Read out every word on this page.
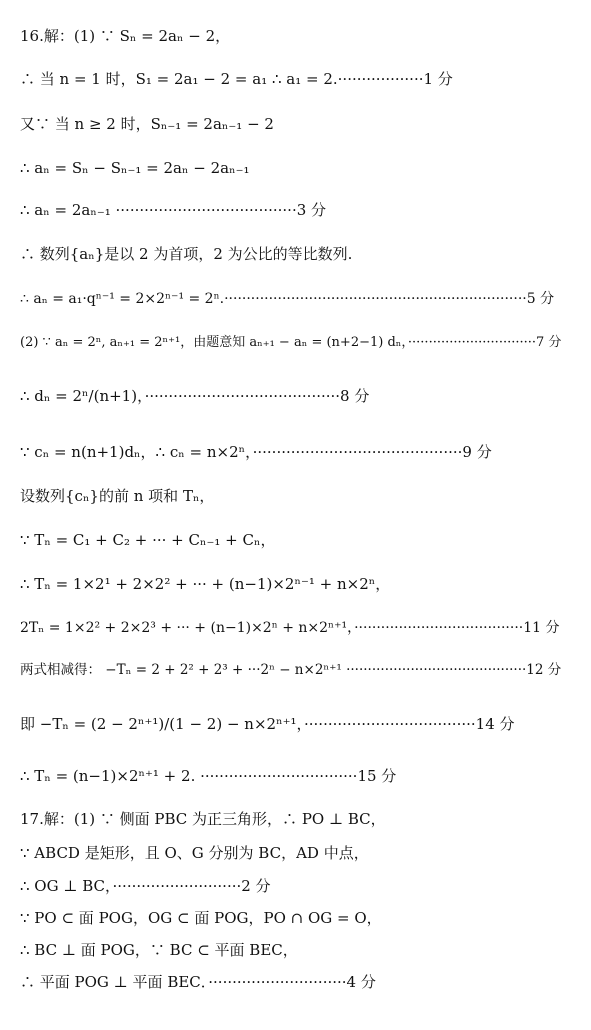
16.解：(1) ∵ Sₙ = 2aₙ − 2，
∴ 当 n = 1 时，S₁ = 2a₁ − 2 = a₁ ∴ a₁ = 2.··················1 分
又∵ 当 n ≥ 2 时，Sₙ₋₁ = 2aₙ₋₁ − 2
∴ aₙ = Sₙ − Sₙ₋₁ = 2aₙ − 2aₙ₋₁
∴ aₙ = 2aₙ₋₁ ······································3 分
∴ 数列{aₙ}是以 2 为首项，2 为公比的等比数列.
∴ aₙ = a₁·qⁿ⁻¹ = 2×2ⁿ⁻¹ = 2ⁿ.····································································5 分
(2) ∵ aₙ = 2ⁿ, aₙ₊₁ = 2ⁿ⁺¹，由题意知 aₙ₊₁ − aₙ = (n+2−1) dₙ，·······························7 分
∴ dₙ = 2ⁿ/(n+1)，·········································8 分
∵ cₙ = n(n+1)dₙ，∴ cₙ = n×2ⁿ，············································9 分
设数列{cₙ}的前 n 项和 Tₙ，
∵ Tₙ = C₁ + C₂ + ··· + Cₙ₋₁ + Cₙ，
∴ Tₙ = 1×2¹ + 2×2² + ··· + (n−1)×2ⁿ⁻¹ + n×2ⁿ，
2Tₙ = 1×2² + 2×2³ + ··· + (n−1)×2ⁿ + n×2ⁿ⁺¹，······································11 分
两式相减得： −Tₙ = 2 + 2² + 2³ + ···2ⁿ − n×2ⁿ⁺¹ ··········································12 分
即 −Tₙ = (2 − 2ⁿ⁺¹)/(1 − 2) − n×2ⁿ⁺¹，····································14 分
∴ Tₙ = (n−1)×2ⁿ⁺¹ + 2. ·································15 分
17.解：(1) ∵ 侧面 PBC 为正三角形，∴ PO ⊥ BC，
∵ ABCD 是矩形，且 O、G 分别为 BC，AD 中点，
∴ OG ⊥ BC，···························2 分
∵ PO ⊂ 面 POG，OG ⊂ 面 POG，PO ∩ OG = O，
∴ BC ⊥ 面 POG，∵ BC ⊂ 平面 BEC，
∴ 平面 POG ⊥ 平面 BEC．·····························4 分
